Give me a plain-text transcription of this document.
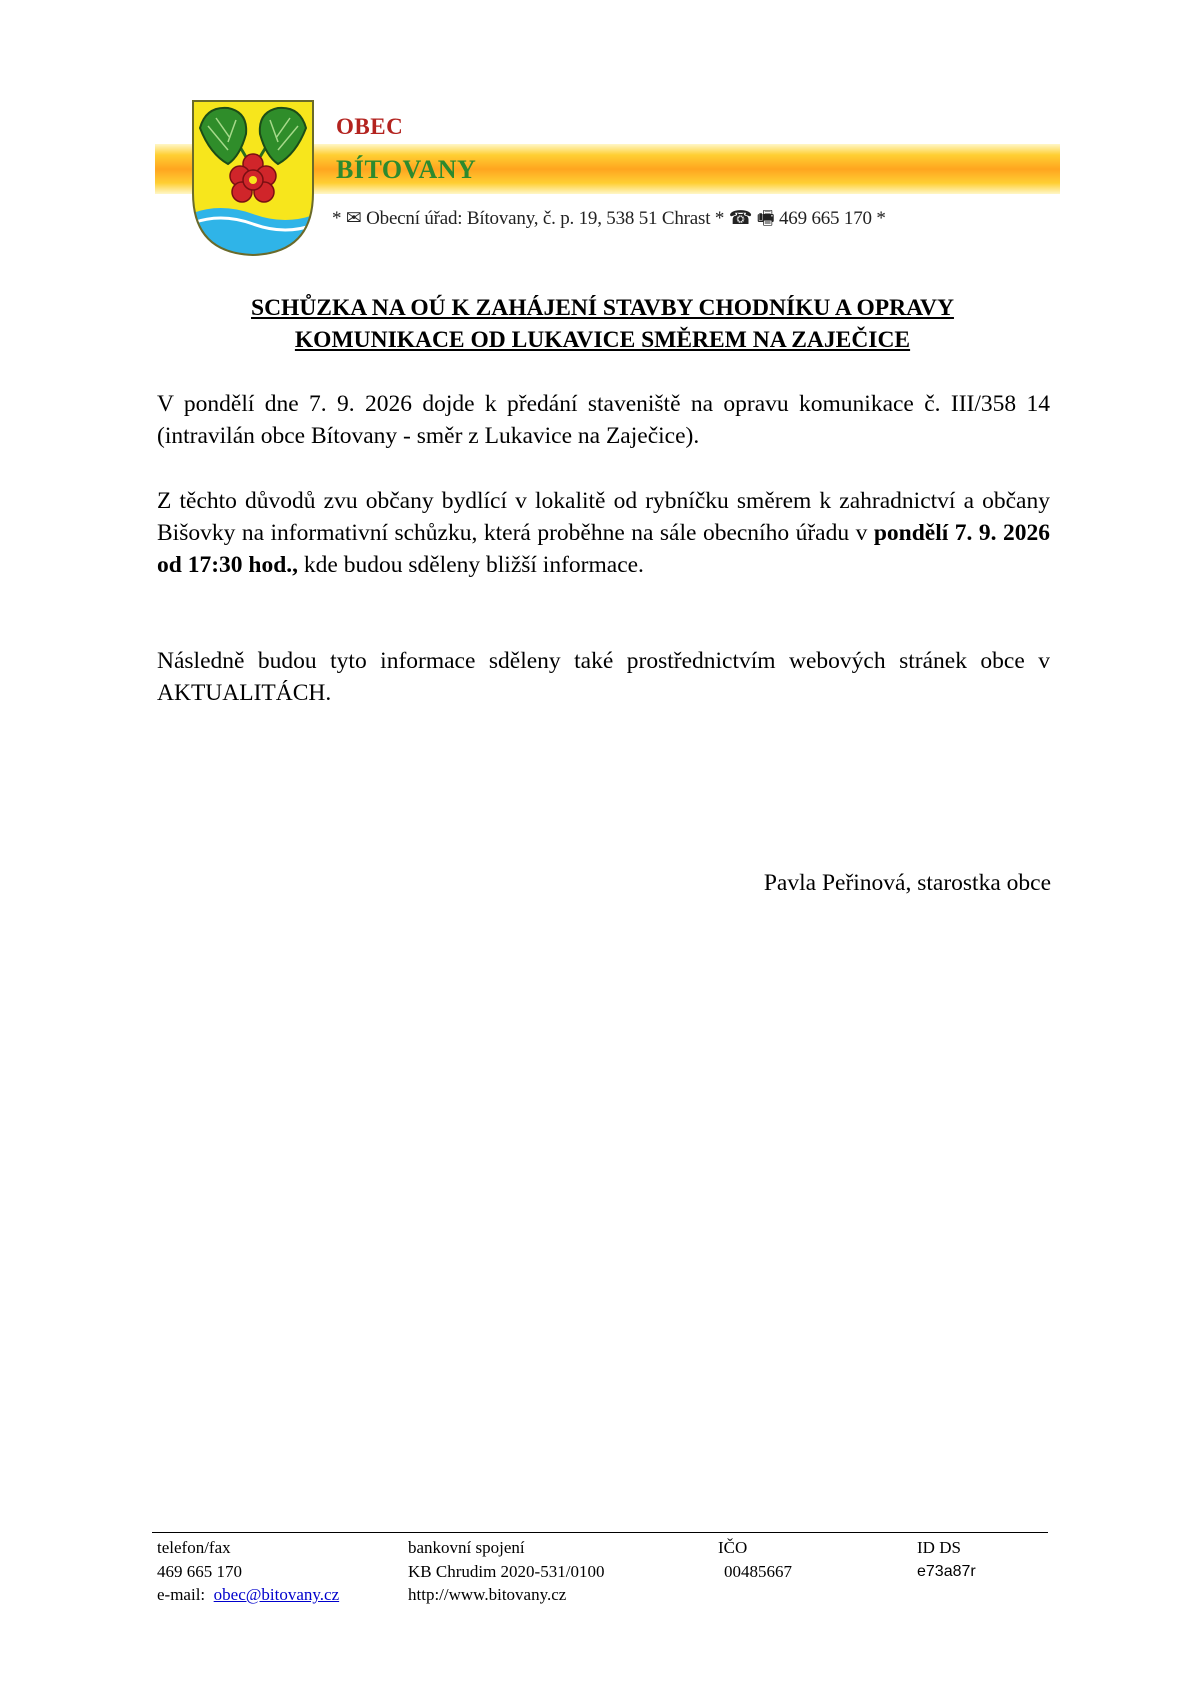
OBEC
BÍTOVANY
* ✉ Obecní úřad: Bítovany, č. p. 19, 538 51 Chrast * ☎ 🖷 469 665 170 *
SCHŮZKA NA OÚ K ZAHÁJENÍ STAVBY CHODNÍKU A OPRAVY
KOMUNIKACE OD LUKAVICE SMĚREM NA ZAJEČICE
V pondělí dne 7. 9. 2026 dojde k předání staveniště na opravu komunikace č. III/358 14 (intravilán obce Bítovany - směr z Lukavice na Zaječice).
Z těchto důvodů zvu občany bydlící v lokalitě od rybníčku směrem k zahradnictví a občany Bišovky na informativní schůzku, která proběhne na sále obecního úřadu v pondělí 7. 9. 2026 od 17:30 hod., kde budou sděleny bližší informace.
Následně budou tyto informace sděleny také prostřednictvím webových stránek obce v AKTUALITÁCH.
Pavla Peřinová, starostka obce
telefon/fax
469 665 170
e-mail: obec@bitovany.cz
bankovní spojení
KB Chrudim 2020-531/0100
http://www.bitovany.cz
IČO
00485667
ID DS
e73a87r
